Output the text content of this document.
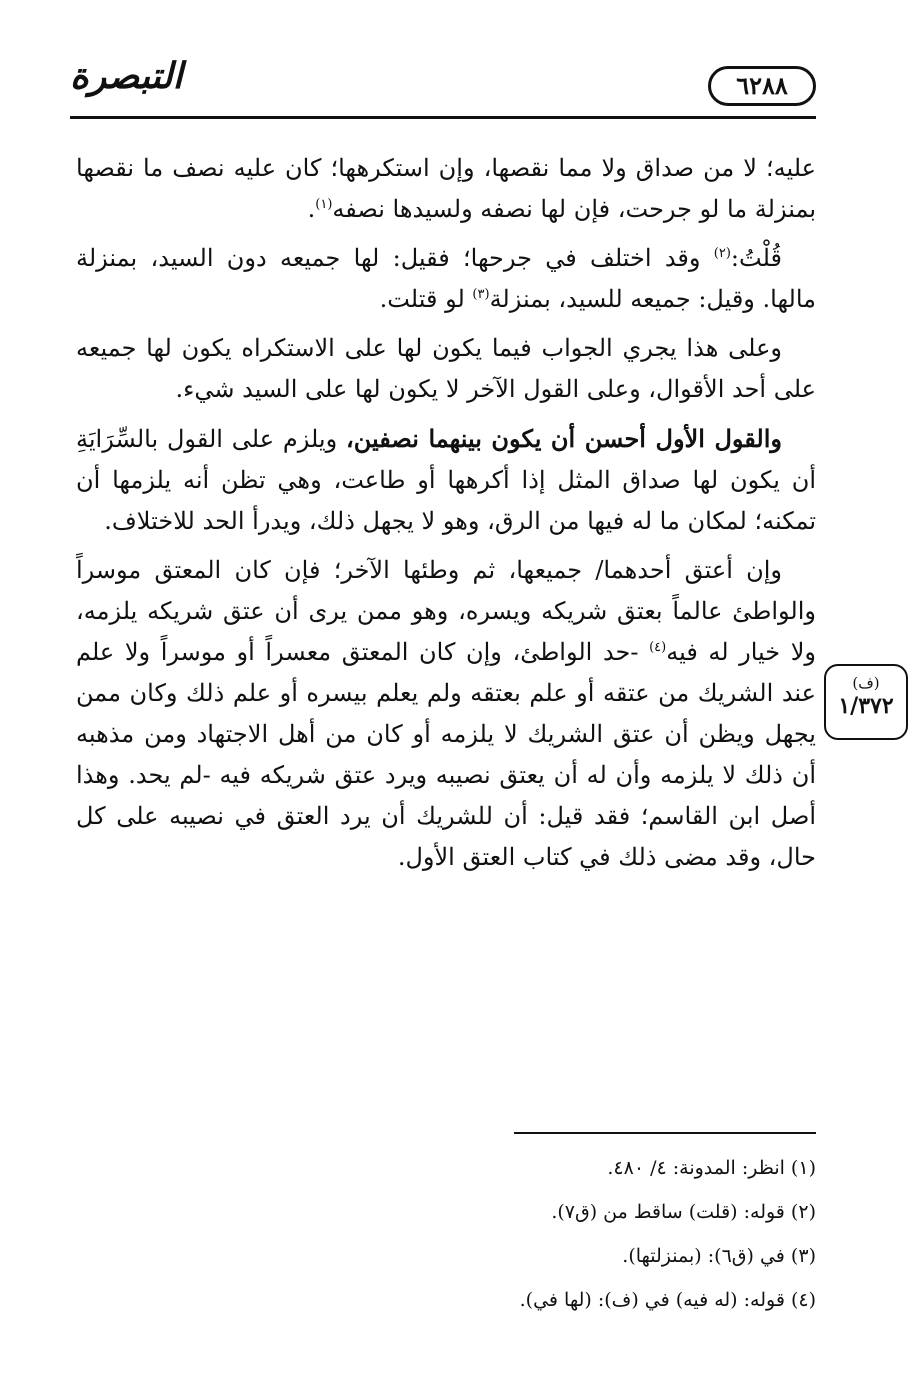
التبصرة	٦٢٨٨

عليه؛ لا من صداق ولا مما نقصها، وإن استكرهها؛ كان عليه نصف ما نقصها بمنزلة ما لو جرحت، فإن لها نصفه ولسيدها نصفه$^{(١)}$.

قُلْتُ:$^{(٢)}$ وقد اختلف في جرحها؛ فقيل: لها جميعه دون السيد، بمنزلة مالها. وقيل: جميعه للسيد، بمنزلة$^{(٣)}$ لو قتلت.

وعلى هذا يجري الجواب فيما يكون لها على الاستكراه يكون لها جميعه على أحد الأقوال، وعلى القول الآخر لا يكون لها على السيد شيء.

والقول الأول أحسن أن يكون بينهما نصفين، ويلزم على القول بالسِّرَايَةِ أن يكون لها صداق المثل إذا أكرهها أو طاعت، وهي تظن أنه يلزمها أن تمكنه؛ لمكان ما له فيها من الرق، وهو لا يجهل ذلك، ويدرأ الحد للاختلاف.

وإن أعتق أحدهما/ جميعها، ثم وطئها الآخر؛ فإن كان المعتق موسراً والواطئ عالماً بعتق شريكه ويسره، وهو ممن يرى أن عتق شريكه يلزمه، ولا خيار له فيه$^{(٤)}$ -حد الواطئ، وإن كان المعتق معسراً أو موسراً ولا علم عند الشريك من عتقه أو علم بعتقه ولم يعلم بيسره أو علم ذلك وكان ممن يجهل ويظن أن عتق الشريك لا يلزمه أو كان من أهل الاجتهاد ومن مذهبه أن ذلك لا يلزمه وأن له أن يعتق نصيبه ويرد عتق شريكه فيه -لم يحد. وهذا أصل ابن القاسم؛ فقد قيل: أن للشريك أن يرد العتق في نصيبه على كل حال، وقد مضى ذلك في كتاب العتق الأول.

(ف)
١/٣٧٢
(١) انظر: المدونة: ٤/ ٤٨٠.
(٢) قوله: (قلت) ساقط من (ق٧).
(٣) في (ق٦): (بمنزلتها).
(٤) قوله: (له فيه) في (ف): (لها في).
